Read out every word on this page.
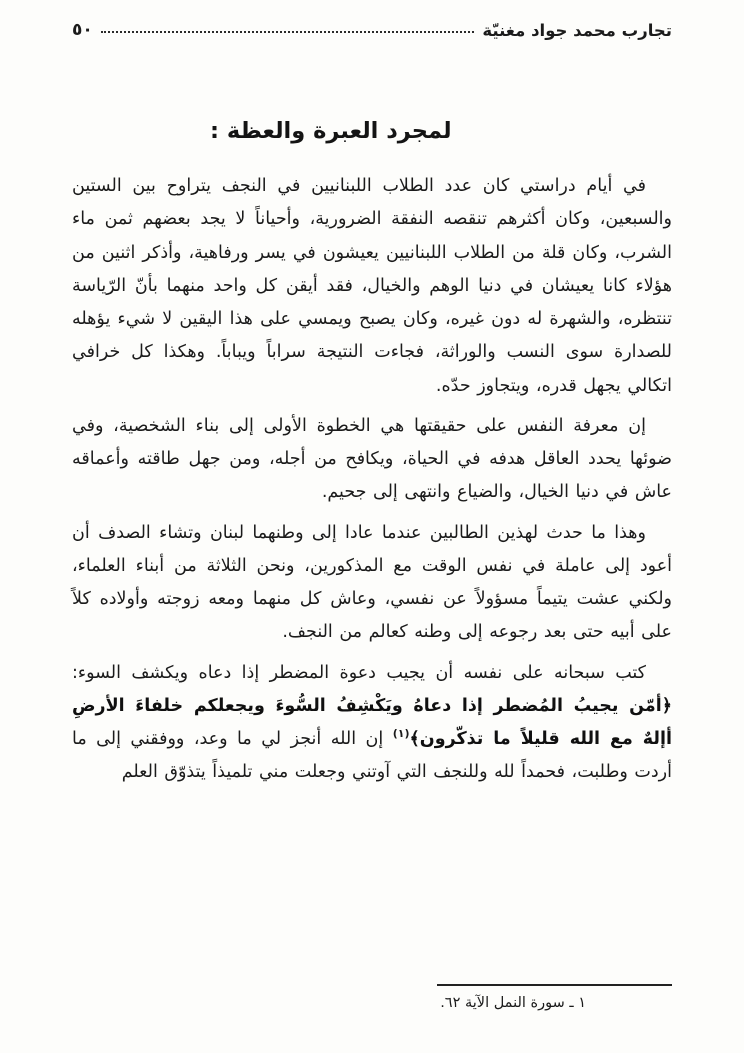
تجارب محمد جواد مغنيّة
٥٠
لمجرد العبرة والعظة :

في أيام دراستي كان عدد الطلاب اللبنانيين في النجف يتراوح بين الستين والسبعين، وكان أكثرهم تنقصه النفقة الضرورية، وأحياناً لا يجد بعضهم ثمن ماء الشرب، وكان قلة من الطلاب اللبنانيين يعيشون في يسر ورفاهية، وأذكر اثنين من هؤلاء كانا يعيشان في دنيا الوهم والخيال، فقد أيقن كل واحد منهما بأنّ الرّياسة تنتظره، والشهرة له دون غيره، وكان يصبح ويمسي على هذا اليقين لا شيء يؤهله للصدارة سوى النسب والوراثة، فجاءت النتيجة سراباً ويباباً. وهكذا كل خرافي اتكالي يجهل قدره، ويتجاوز حدّه.

إن معرفة النفس على حقيقتها هي الخطوة الأولى إلى بناء الشخصية، وفي ضوئها يحدد العاقل هدفه في الحياة، ويكافح من أجله، ومن جهل طاقته وأعماقه عاش في دنيا الخيال، والضياع وانتهى إلى جحيم.

وهذا ما حدث لهذين الطالبين عندما عادا إلى وطنهما لبنان وتشاء الصدف أن أعود إلى عاملة في نفس الوقت مع المذكورين، ونحن الثلاثة من أبناء العلماء، ولكني عشت يتيماً مسؤولاً عن نفسي، وعاش كل منهما ومعه زوجته وأولاده كلاً على أبيه حتى بعد رجوعه إلى وطنه كعالم من النجف.

كتب سبحانه على نفسه أن يجيب دعوة المضطر إذا دعاه ويكشف السوء: ﴿أمّن يجيبُ المُضطر إذا دعاهُ ويَكْشِفُ السُّوءَ ويجعلكم خلفاءَ الأرضِ أإلهٌ مع الله قليلاً ما تذكّرون﴾$^{(١)}$ إن الله أنجز لي ما وعد، ووفقني إلى ما أردت وطلبت، فحمداً لله وللنجف التي آوتني وجعلت مني تلميذاً يتذوّق العلم

١ ـ سورة النمل الآية ٦٢.
